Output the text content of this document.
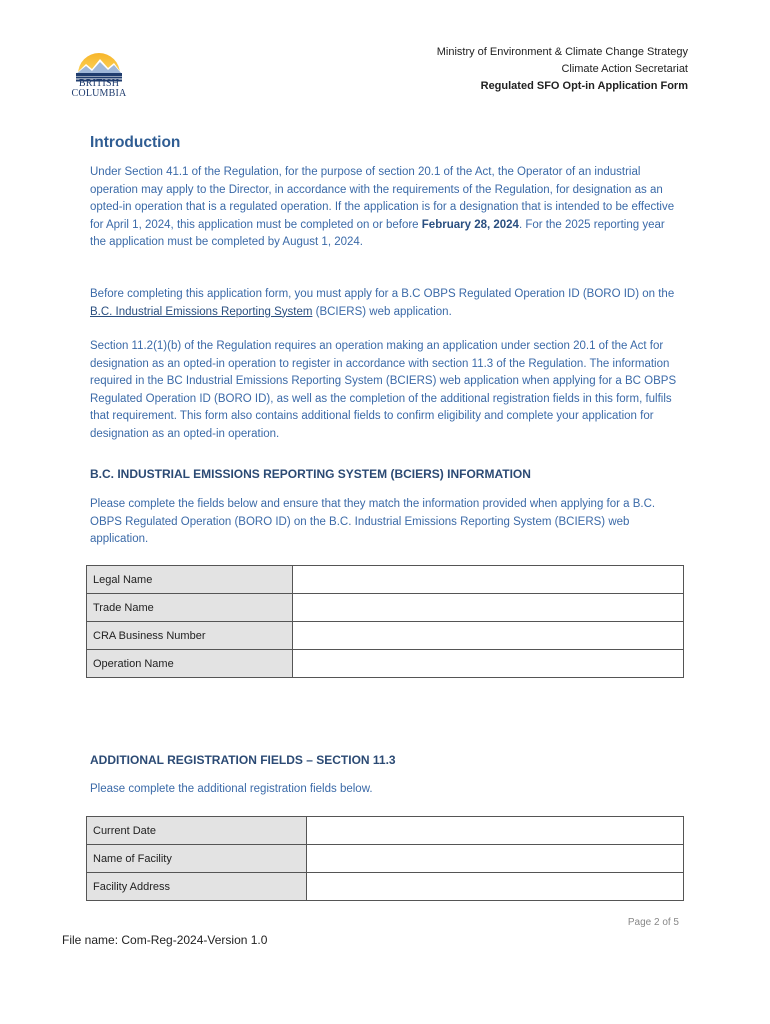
BRITISH
COLUMBIA
Ministry of Environment & Climate Change Strategy
Climate Action Secretariat
Regulated SFO Opt-in Application Form
Introduction

Under Section 41.1 of the Regulation, for the purpose of section 20.1 of the Act, the Operator of an industrial operation may apply to the Director, in accordance with the requirements of the Regulation, for designation as an opted-in operation that is a regulated operation. If the application is for a designation that is intended to be effective for April 1, 2024, this application must be completed on or before February 28, 2024. For the 2025 reporting year the application must be completed by August 1, 2024.

Before completing this application form, you must apply for a B.C OBPS Regulated Operation ID (BORO ID) on the B.C. Industrial Emissions Reporting System (BCIERS) web application.

Section 11.2(1)(b) of the Regulation requires an operation making an application under section 20.1 of the Act for designation as an opted-in operation to register in accordance with section 11.3 of the Regulation. The information required in the BC Industrial Emissions Reporting System (BCIERS) web application when applying for a BC OBPS Regulated Operation ID (BORO ID), as well as the completion of the additional registration fields in this form, fulfils that requirement. This form also contains additional fields to confirm eligibility and complete your application for designation as an opted-in operation.

B.C. INDUSTRIAL EMISSIONS REPORTING SYSTEM (BCIERS) INFORMATION

Please complete the fields below and ensure that they match the information provided when applying for a B.C. OBPS Regulated Operation (BORO ID) on the B.C. Industrial Emissions Reporting System (BCIERS) web application.

Legal Name	
Trade Name	
CRA Business Number	
Operation Name	
ADDITIONAL REGISTRATION FIELDS – SECTION 11.3

Please complete the additional registration fields below.

Current Date	
Name of Facility	
Facility Address	
Page 2 of 5
File name: Com-Reg-2024-Version 1.0
